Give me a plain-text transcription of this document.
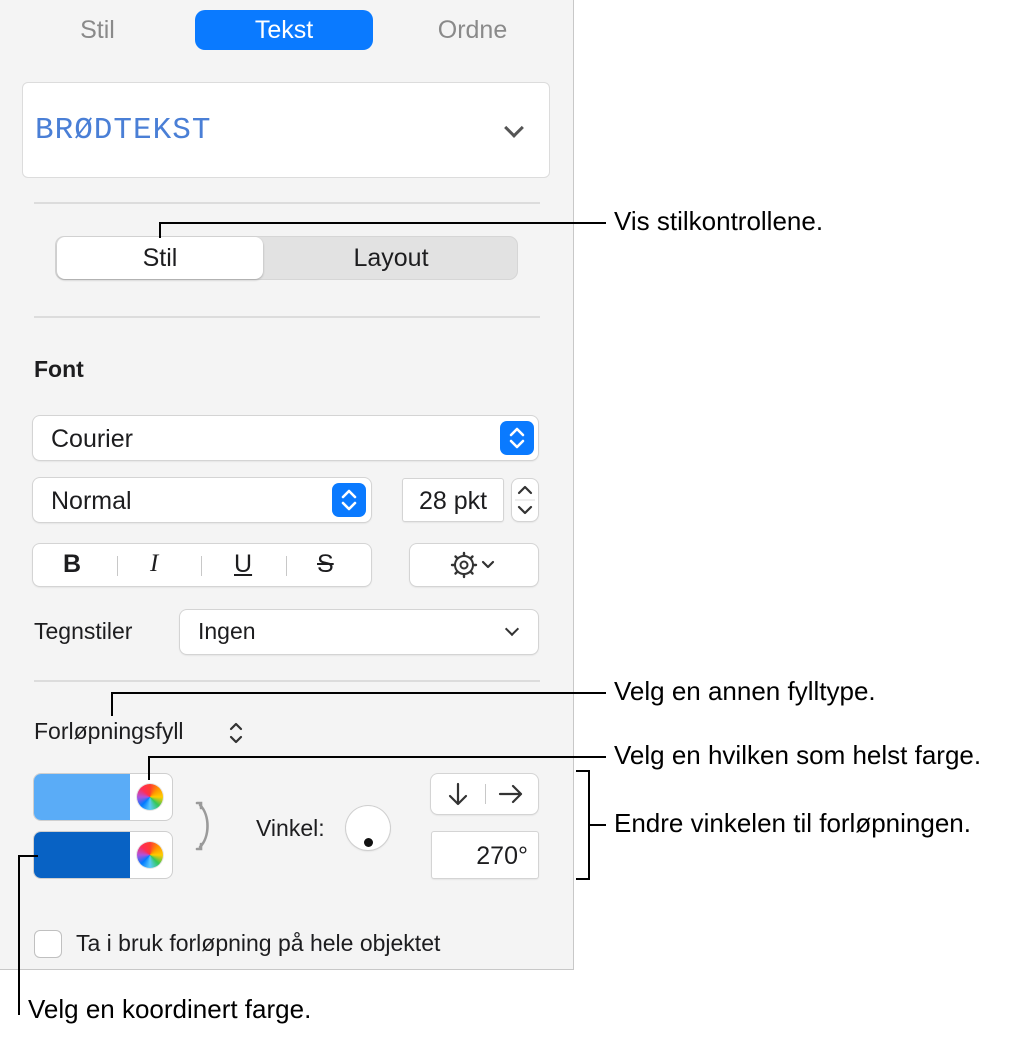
Stil	Tekst	Ordne
BRØDTEKST
Stil	Layout
Font
Courier
Normal	28 pkt
B	I	U	S
Tegnstiler	Ingen
Forløpningsfyll
Vinkel:
270°
Ta i bruk forløpning på hele objektet
Vis stilkontrollene.
Velg en annen fylltype.
Velg en hvilken som helst farge.
Endre vinkelen til forløpningen.
Velg en koordinert farge.
